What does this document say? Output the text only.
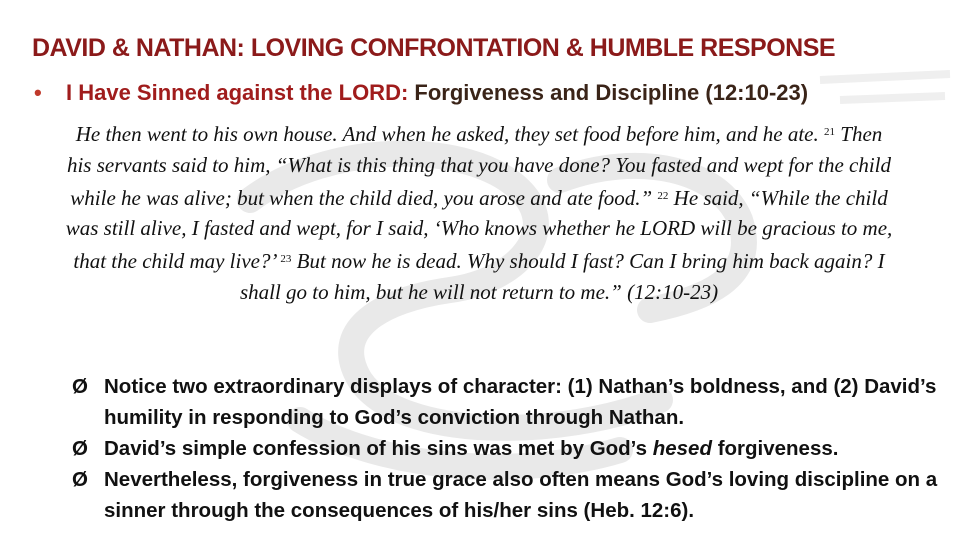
DAVID & NATHAN: LOVING CONFRONTATION & HUMBLE RESPONSE
• I Have Sinned against the LORD: Forgiveness and Discipline (12:10-23)
He then went to his own house. And when he asked, they set food before him, and he ate. $^{21}$ Then his servants said to him, “What is this thing that you have done? You fasted and wept for the child while he was alive; but when the child died, you arose and ate food.” $^{22}$ He said, “While the child was still alive, I fasted and wept, for I said, ‘Who knows whether he LORD will be gracious to me, that the child may live?’ $^{23}$ But now he is dead. Why should I fast? Can I bring him back again? I shall go to him, but he will not return to me.” (12:10-23)
Ø Notice two extraordinary displays of character: (1) Nathan’s boldness, and (2) David’s humility in responding to God’s conviction through Nathan.
Ø David’s simple confession of his sins was met by God’s hesed forgiveness.
Ø Nevertheless, forgiveness in true grace also often means God’s loving discipline on a sinner through the consequences of his/her sins (Heb. 12:6).
